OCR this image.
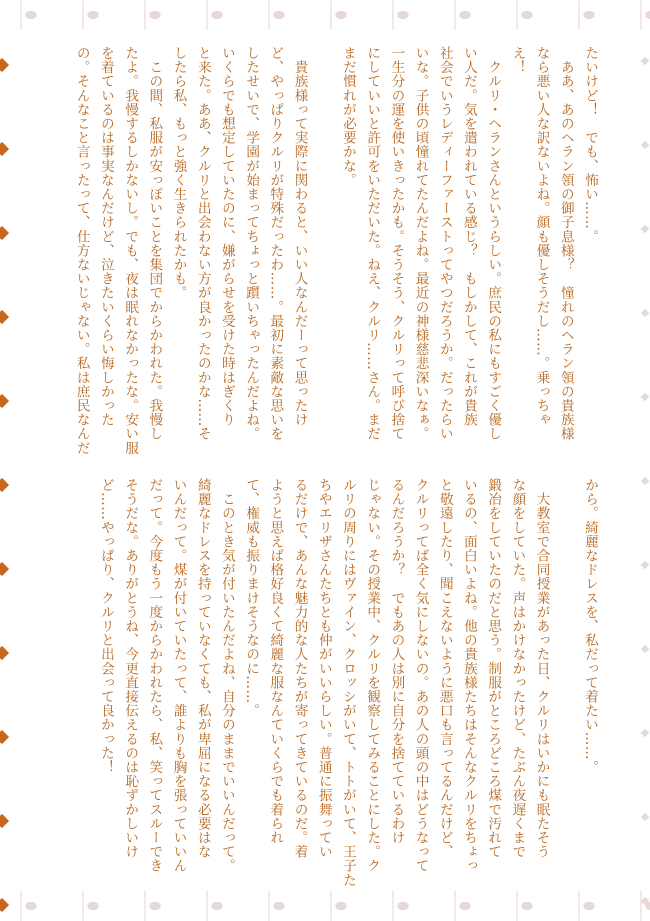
たいけど！　でも、怖い……。

　ああ、あのヘラン領の御子息様？　憧れのヘラン領の貴族様

なら悪い人な訳ないよね。顔も優しそうだし……。乗っちゃ

え！

　クルリ・ヘランさんというらしい。庶民の私にもすごく優し

い人だ。気を遣われている感じ？　もしかして、これが貴族

社会でいうレディーファーストってやつだろうか。だったらい

いな。子供の頃憧れてたんだよね。最近の神様慈悲深いなぁ。

一生分の運を使いきったかも。そうそう、クルリって呼び捨て

にしていいと許可をいただいた。ねえ、クルリ……さん。まだ

まだ慣れが必要かな。

　貴族様って実際に関わると、いい人なんだーって思ったけ

ど、やっぱりクルリが特殊だったわ……。最初に素敵な思いを

したせいで、学園が始まってちょっと躓いちゃったんだよね。

いくらでも想定していたのに、嫌がらせを受けた時はぎくり

と来た。ああ、クルリと出会わない方が良かったのかな……そ

したら私、もっと強く生きられたかも。

　この間、私服が安っぽいことを集団でからかわれた。我慢し

たよ。我慢するしかないし。でも、夜は眠れなかったな。安い服

を着ているのは事実なんだけど、泣きたいくらい悔しかった

の。そんなこと言ったって、仕方ないじゃない。私は庶民なんだ

から。綺麗なドレスを、私だって着たい……。

　大教室で合同授業があった日、クルリはいかにも眠たそう

な顔をしていた。声はかけなかったけど、たぶん夜遅くまで

鍛冶をしていたのだと思う。制服がところどころ煤で汚れて

いるの、面白いよね。他の貴族様たちはそんなクルリをちょっ

と敬遠したり、聞こえないように悪口も言ってるんだけど、

クルリってば全く気にしないの。あの人の頭の中はどうなって

るんだろうか？　でもあの人は別に自分を捨てているわけ

じゃない。その授業中、クルリを観察してみることにした。ク

ルリの周りにはヴァイン、クロッシがいて、トトがいて、王子た

ちやエリザさんたちとも仲がいいらしい。普通に振舞ってい

るだけで、あんな魅力的な人たちが寄ってきているのだ。着

ようと思えば格好良くて綺麗な服なんていくらでも着られ

て、権威も振りまけそうなのに……。

　このとき気が付いたんだよね、自分のままでいいんだって。

綺麗なドレスを持っていなくても、私が卑屈になる必要はな

いんだって。煤が付いていたって、誰よりも胸を張っていいん

だって。今度もう一度からかわれたら、私、笑ってスルーでき

そうだな。ありがとうね、今更直接伝えるのは恥ずかしいけ

ど……やっぱり、クルリと出会って良かった！
